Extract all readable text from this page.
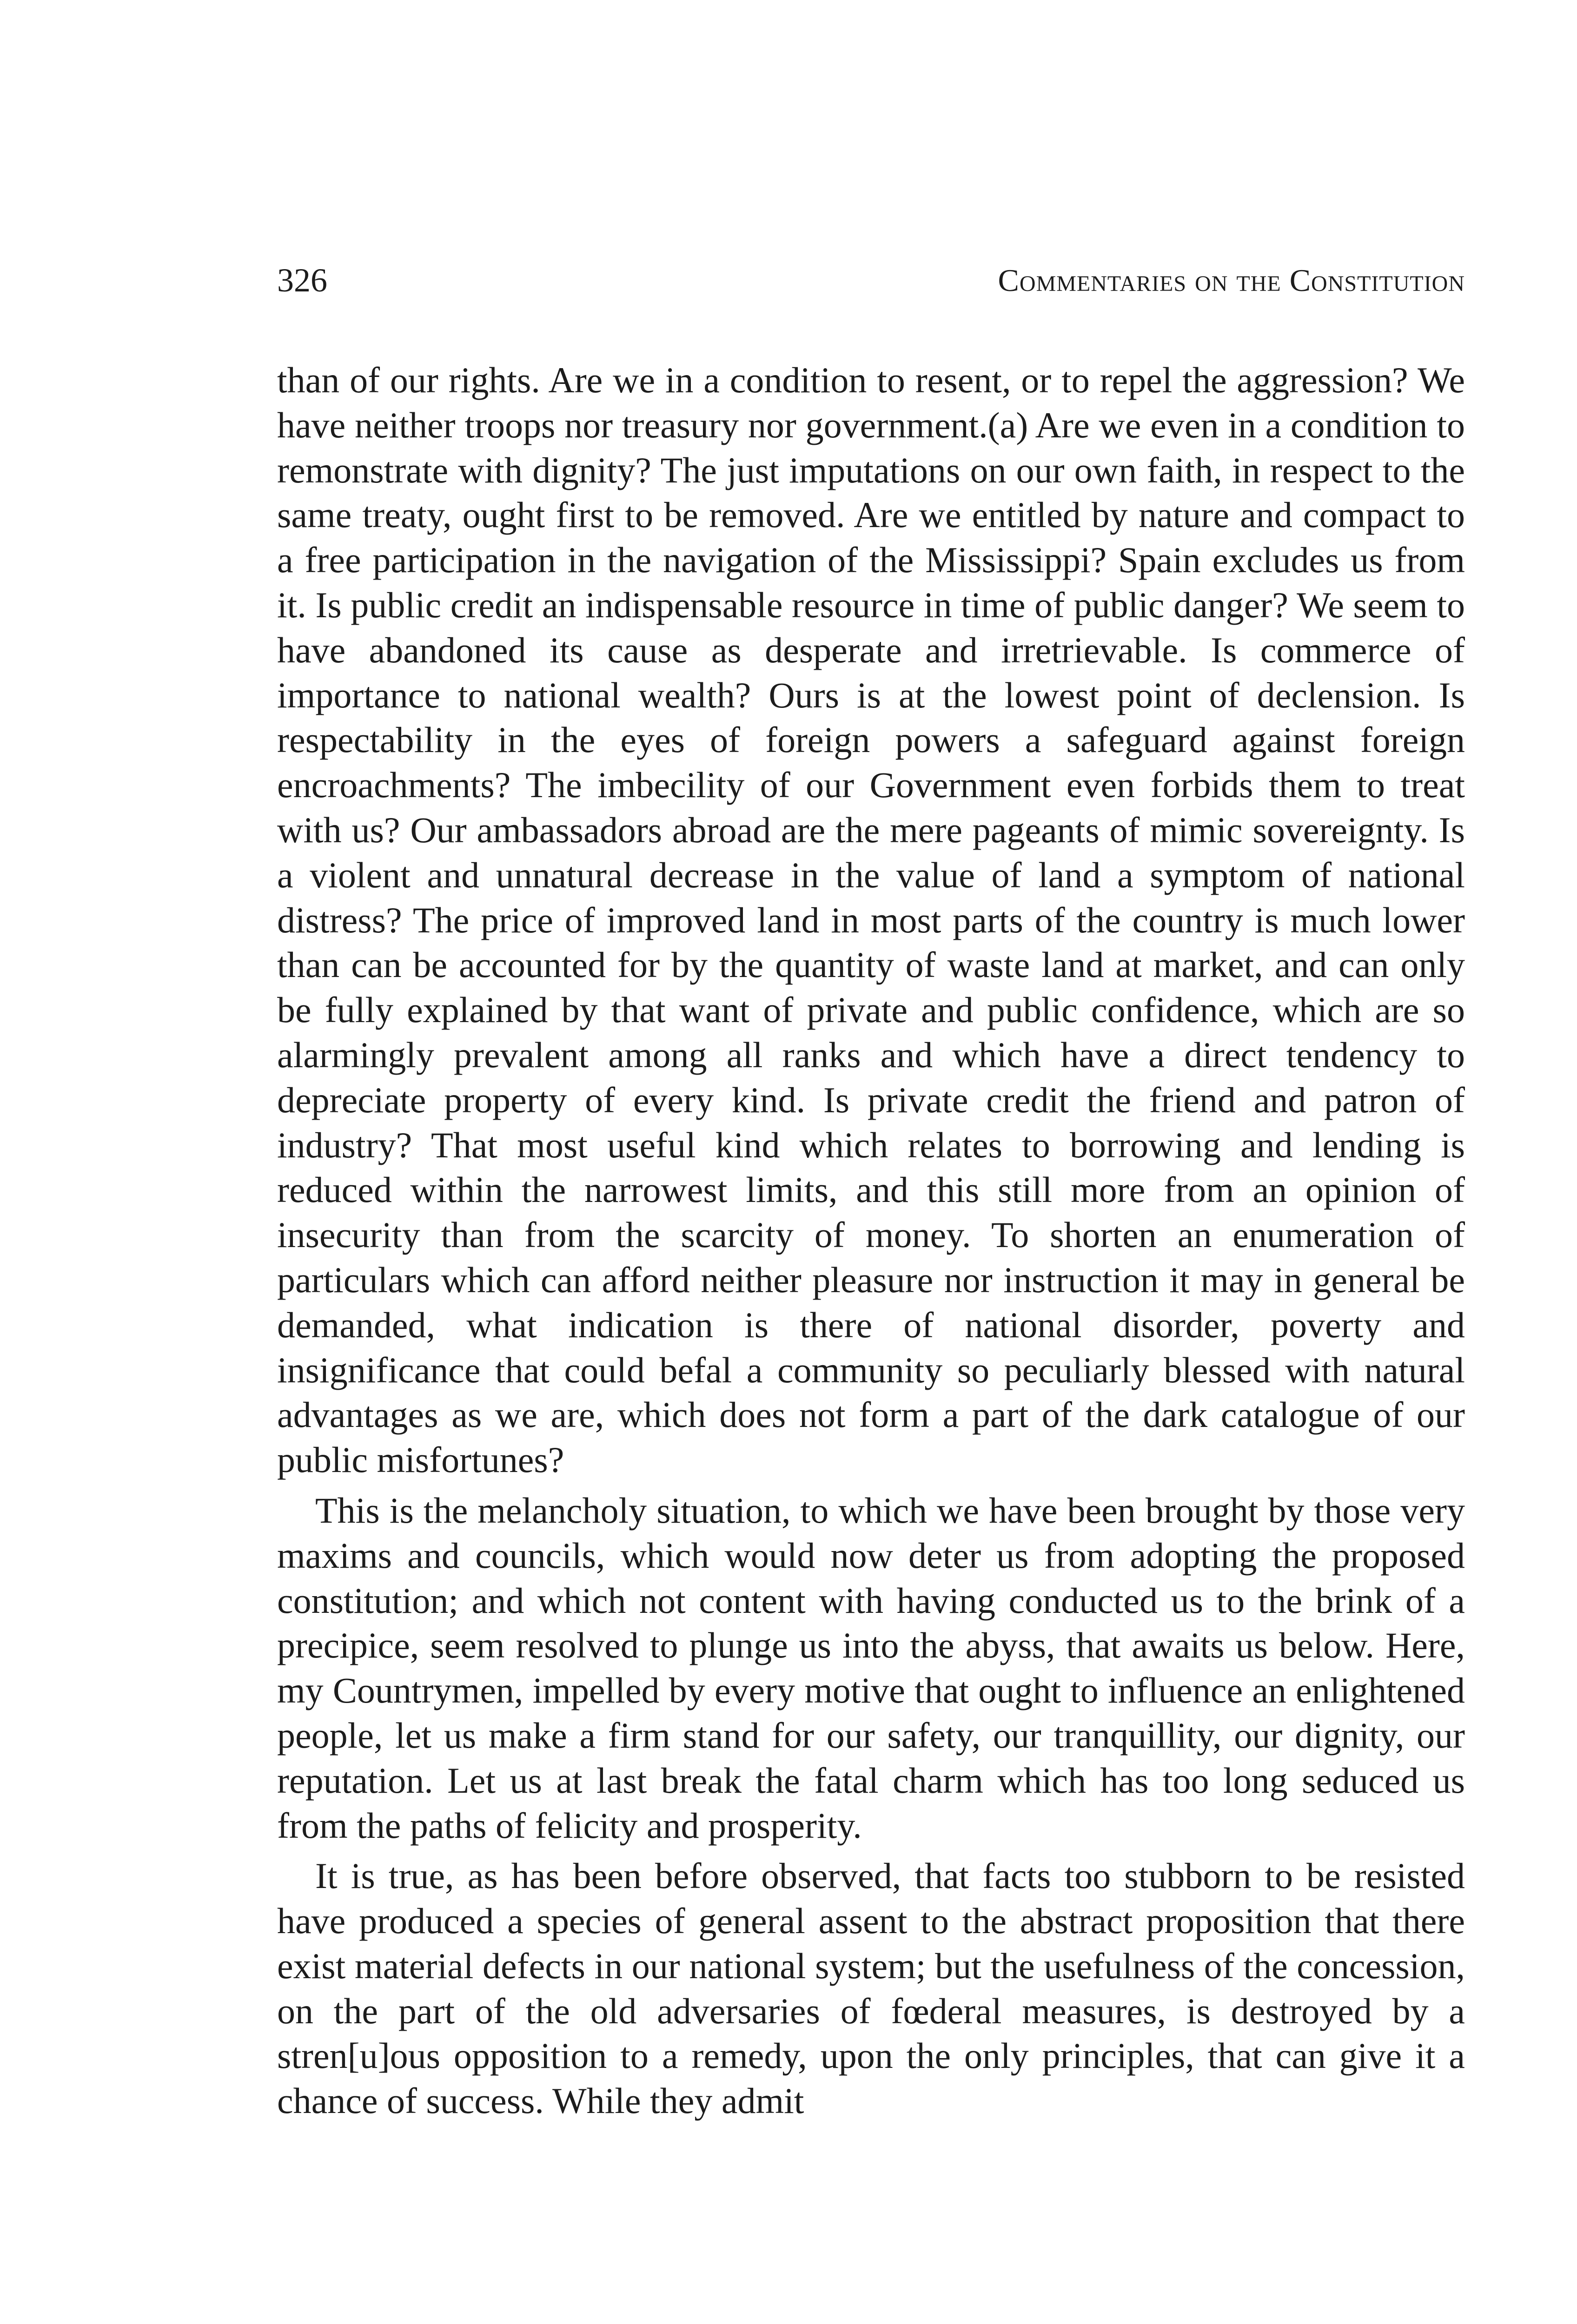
326	Commentaries on the Constitution

than of our rights. Are we in a condition to resent, or to repel the aggression? We have neither troops nor treasury nor government.(a) Are we even in a condition to remonstrate with dignity? The just imputations on our own faith, in respect to the same treaty, ought first to be removed. Are we entitled by nature and compact to a free participation in the navigation of the Mississippi? Spain excludes us from it. Is public credit an indispensable resource in time of public danger? We seem to have abandoned its cause as desperate and irretrievable. Is commerce of importance to national wealth? Ours is at the lowest point of declension. Is respectability in the eyes of foreign powers a safeguard against foreign encroachments? The imbecility of our Government even forbids them to treat with us? Our ambassadors abroad are the mere pageants of mimic sovereignty. Is a violent and unnatural decrease in the value of land a symptom of national distress? The price of improved land in most parts of the country is much lower than can be accounted for by the quantity of waste land at market, and can only be fully explained by that want of private and public confidence, which are so alarmingly prevalent among all ranks and which have a direct tendency to depreciate property of every kind. Is private credit the friend and patron of industry? That most useful kind which relates to borrowing and lending is reduced within the narrowest limits, and this still more from an opinion of insecurity than from the scarcity of money. To shorten an enumeration of particulars which can afford neither pleasure nor instruction it may in general be demanded, what indication is there of national disorder, poverty and insignificance that could befal a community so peculiarly blessed with natural advantages as we are, which does not form a part of the dark catalogue of our public misfortunes?

This is the melancholy situation, to which we have been brought by those very maxims and councils, which would now deter us from adopting the proposed constitution; and which not content with having conducted us to the brink of a precipice, seem resolved to plunge us into the abyss, that awaits us below. Here, my Countrymen, impelled by every motive that ought to influence an enlightened people, let us make a firm stand for our safety, our tranquillity, our dignity, our reputation. Let us at last break the fatal charm which has too long seduced us from the paths of felicity and prosperity.

It is true, as has been before observed, that facts too stubborn to be resisted have produced a species of general assent to the abstract proposition that there exist material defects in our national system; but the usefulness of the concession, on the part of the old adversaries of fœderal measures, is destroyed by a stren[u]ous opposition to a remedy, upon the only principles, that can give it a chance of success. While they admit
